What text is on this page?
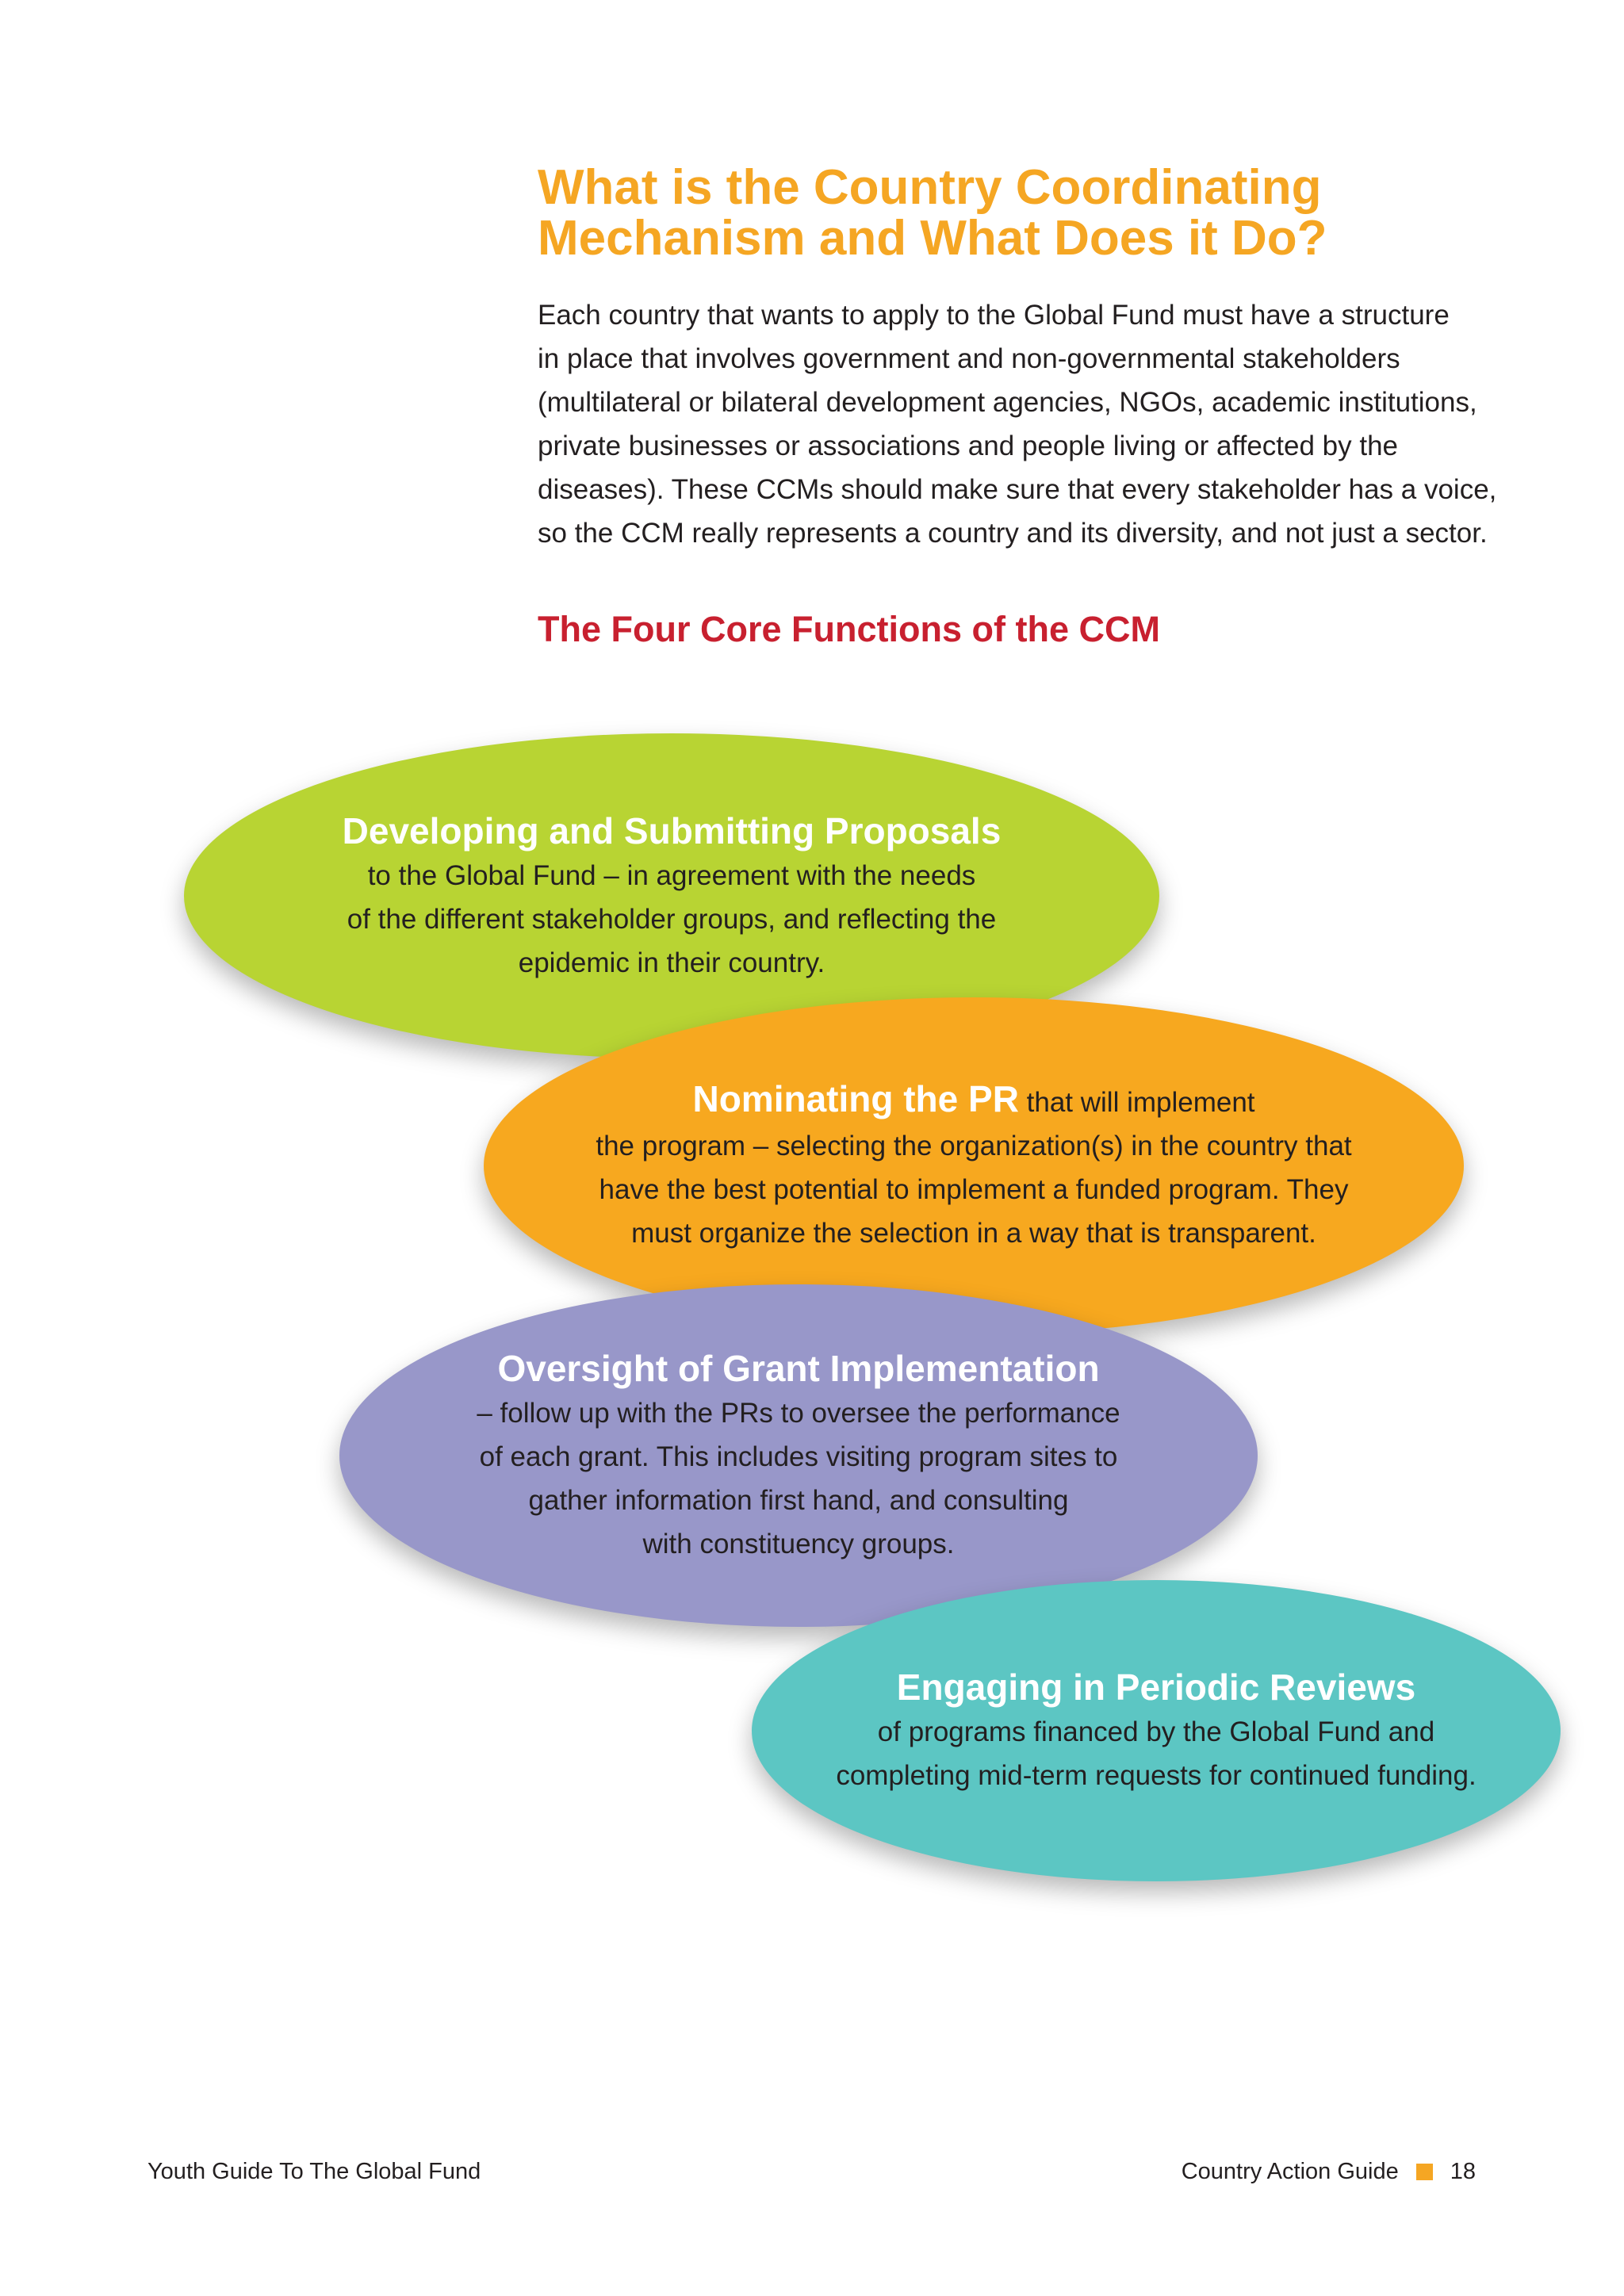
What is the Country Coordinating
Mechanism and What Does it Do?
Each country that wants to apply to the Global Fund must have a structure
in place that involves government and non-governmental stakeholders
(multilateral or bilateral development agencies, NGOs, academic institutions,
private businesses or associations and people living or affected by the
diseases). These CCMs should make sure that every stakeholder has a voice,
so the CCM really represents a country and its diversity, and not just a sector.
The Four Core Functions of the CCM
Developing and Submitting Proposals
to the Global Fund – in agreement with the needs
of the different stakeholder groups, and reflecting the
epidemic in their country.
Nominating the PR that will implement
the program – selecting the organization(s) in the country that
have the best potential to implement a funded program. They
must organize the selection in a way that is transparent.
Oversight of Grant Implementation
– follow up with the PRs to oversee the performance
of each grant. This includes visiting program sites to
gather information first hand, and consulting
with constituency groups.
Engaging in Periodic Reviews
of programs financed by the Global Fund and
completing mid-term requests for continued funding.
Youth Guide To The Global Fund	Country Action Guide 18
